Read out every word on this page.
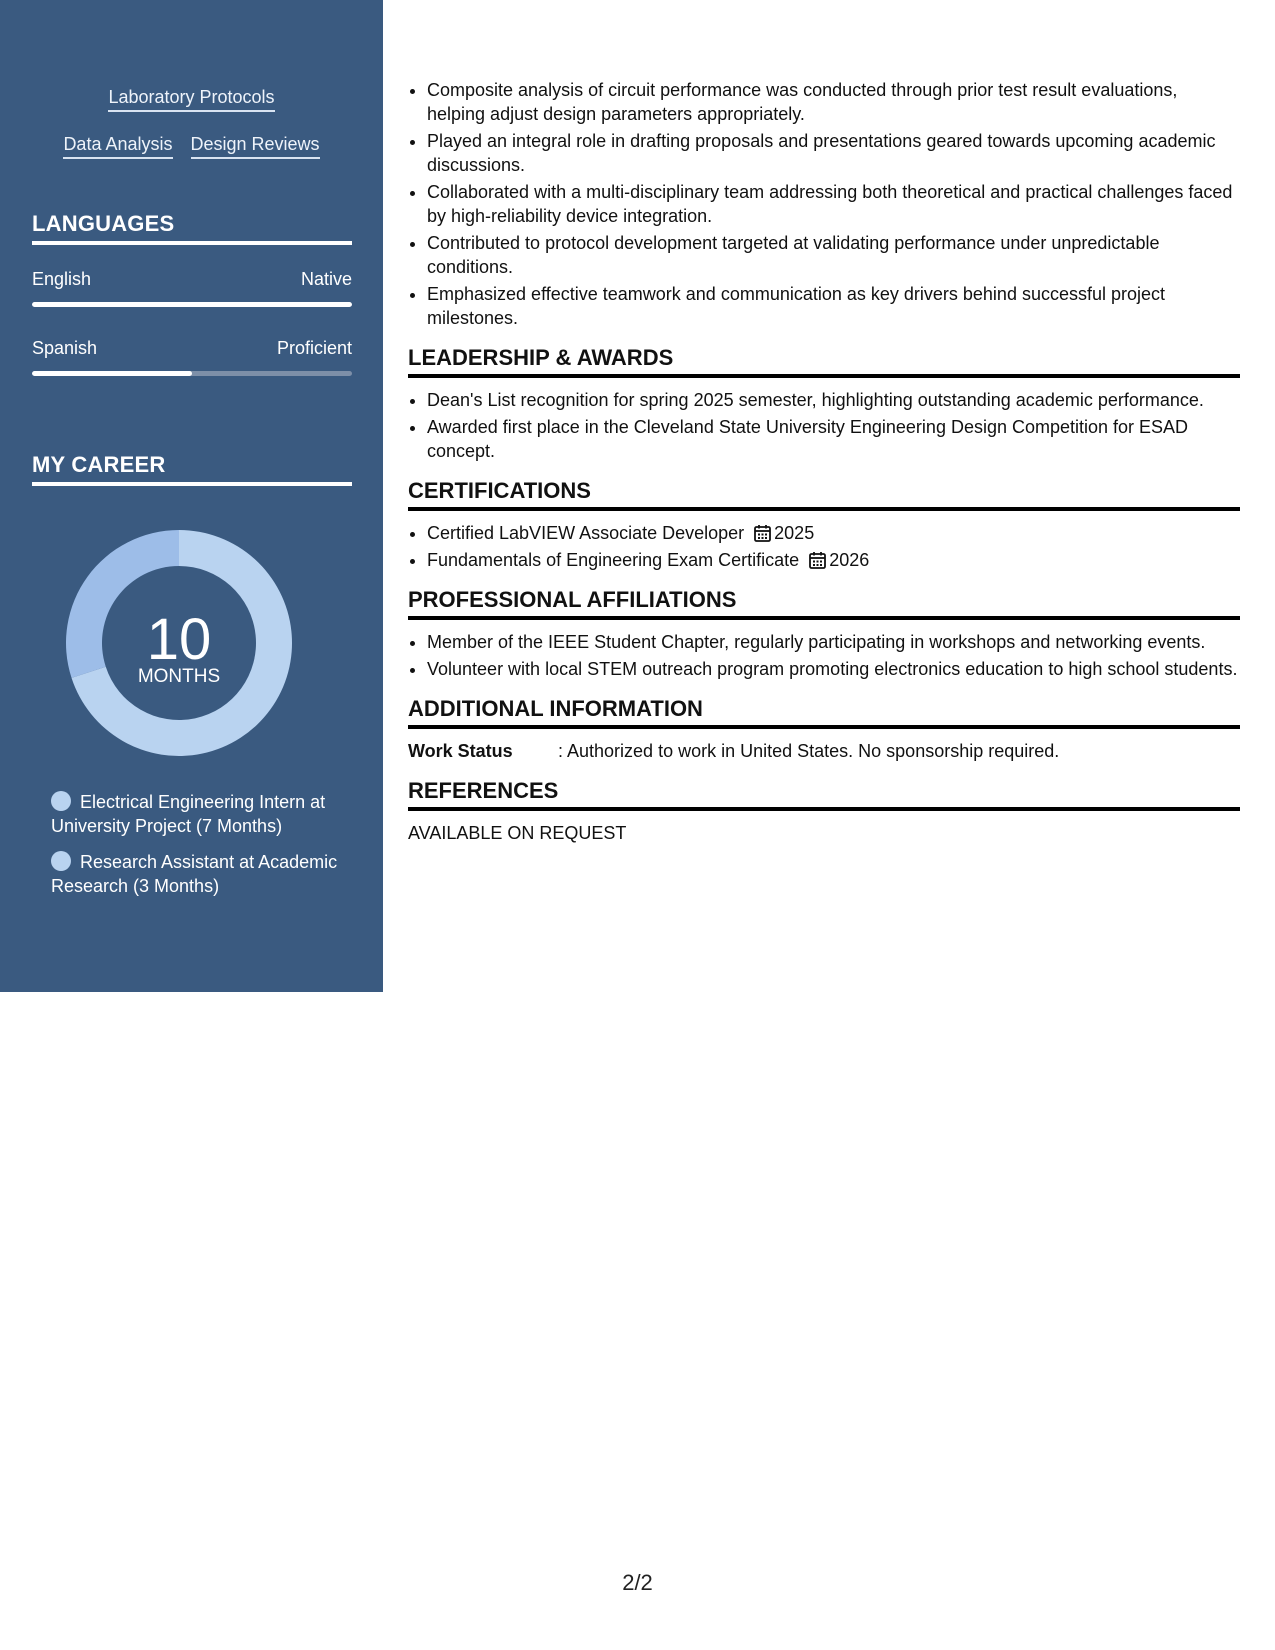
Laboratory Protocols
Data Analysis Design Reviews
LANGUAGES
English	Native
Spanish	Proficient
MY CAREER
10
MONTHS
Electrical Engineering Intern at University Project (7 Months)
Research Assistant at Academic Research (3 Months)
• Composite analysis of circuit performance was conducted through prior test result evaluations, helping adjust design parameters appropriately.
• Played an integral role in drafting proposals and presentations geared towards upcoming academic discussions.
• Collaborated with a multi-disciplinary team addressing both theoretical and practical challenges faced by high-reliability device integration.
• Contributed to protocol development targeted at validating performance under unpredictable conditions.
• Emphasized effective teamwork and communication as key drivers behind successful project milestones.
LEADERSHIP & AWARDS
• Dean's List recognition for spring 2025 semester, highlighting outstanding academic performance.
• Awarded first place in the Cleveland State University Engineering Design Competition for ESAD concept.
CERTIFICATIONS
• Certified LabVIEW Associate Developer 2025
• Fundamentals of Engineering Exam Certificate 2026
PROFESSIONAL AFFILIATIONS
• Member of the IEEE Student Chapter, regularly participating in workshops and networking events.
• Volunteer with local STEM outreach program promoting electronics education to high school students.
ADDITIONAL INFORMATION
Work Status	: Authorized to work in United States. No sponsorship required.
REFERENCES
AVAILABLE ON REQUEST
2/2
